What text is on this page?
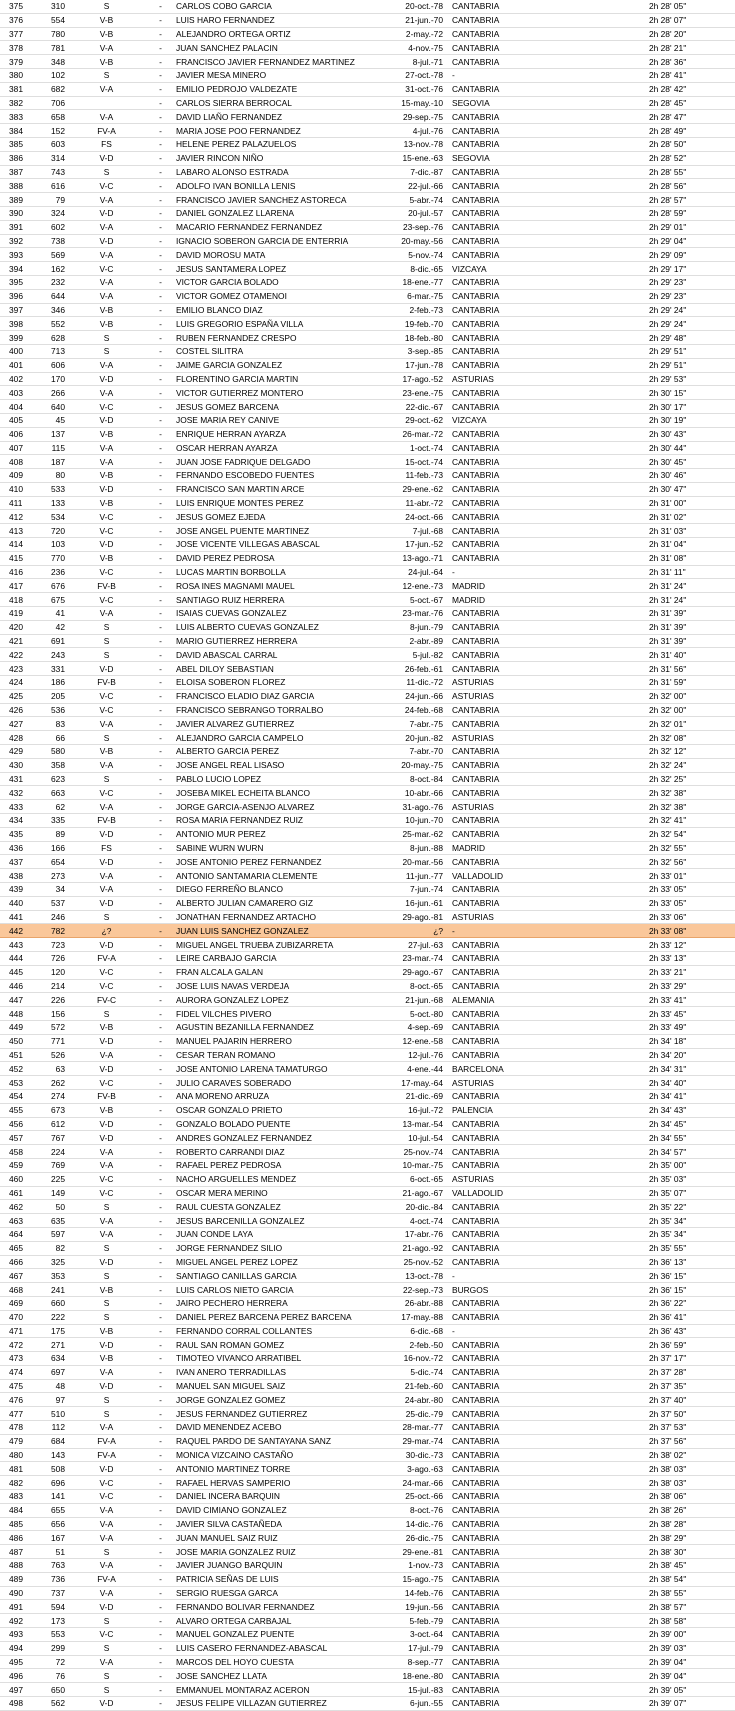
375	310	S	-	CARLOS COBO GARCIA	20-oct.-78	CANTABRIA	2h 28' 05''
376	554	V-B	-	LUIS HARO FERNANDEZ	21-jun.-70	CANTABRIA	2h 28' 07''
377	780	V-B	-	ALEJANDRO ORTEGA ORTIZ	2-may.-72	CANTABRIA	2h 28' 20''
378	781	V-A	-	JUAN SANCHEZ PALACIN	4-nov.-75	CANTABRIA	2h 28' 21''
379	348	V-B	-	FRANCISCO JAVIER FERNANDEZ MARTINEZ	8-jul.-71	CANTABRIA	2h 28' 36''
380	102	S	-	JAVIER MESA MINERO	27-oct.-78	-	2h 28' 41''
381	682	V-A	-	EMILIO PEDROJO VALDEZATE	31-oct.-76	CANTABRIA	2h 28' 42''
382	706		-	CARLOS SIERRA BERROCAL	15-may.-10	SEGOVIA	2h 28' 45''
383	658	V-A	-	DAVID LIAÑO FERNANDEZ	29-sep.-75	CANTABRIA	2h 28' 47''
384	152	FV-A	-	MARIA JOSE POO FERNANDEZ	4-jul.-76	CANTABRIA	2h 28' 49''
385	603	FS	-	HELENE PEREZ PALAZUELOS	13-nov.-78	CANTABRIA	2h 28' 50''
386	314	V-D	-	JAVIER RINCON NIÑO	15-ene.-63	SEGOVIA	2h 28' 52''
387	743	S	-	LABARO ALONSO ESTRADA	7-dic.-87	CANTABRIA	2h 28' 55''
388	616	V-C	-	ADOLFO IVAN BONILLA LENIS	22-jul.-66	CANTABRIA	2h 28' 56''
389	79	V-A	-	FRANCISCO JAVIER SANCHEZ ASTORECA	5-abr.-74	CANTABRIA	2h 28' 57''
390	324	V-D	-	DANIEL GONZALEZ LLARENA	20-jul.-57	CANTABRIA	2h 28' 59''
391	602	V-A	-	MACARIO FERNANDEZ FERNANDEZ	23-sep.-76	CANTABRIA	2h 29' 01''
392	738	V-D	-	IGNACIO SOBERON GARCIA DE ENTERRIA	20-may.-56	CANTABRIA	2h 29' 04''
393	569	V-A	-	DAVID MOROSU MATA	5-nov.-74	CANTABRIA	2h 29' 09''
394	162	V-C	-	JESUS SANTAMERA LOPEZ	8-dic.-65	VIZCAYA	2h 29' 17''
395	232	V-A	-	VICTOR GARCIA BOLADO	18-ene.-77	CANTABRIA	2h 29' 23''
396	644	V-A	-	VICTOR GOMEZ OTAMENOI	6-mar.-75	CANTABRIA	2h 29' 23''
397	346	V-B	-	EMILIO BLANCO DIAZ	2-feb.-73	CANTABRIA	2h 29' 24''
398	552	V-B	-	LUIS GREGORIO ESPAÑA VILLA	19-feb.-70	CANTABRIA	2h 29' 24''
399	628	S	-	RUBEN FERNANDEZ CRESPO	18-feb.-80	CANTABRIA	2h 29' 48''
400	713	S	-	COSTEL SILITRA	3-sep.-85	CANTABRIA	2h 29' 51''
401	606	V-A	-	JAIME GARCIA GONZALEZ	17-jun.-78	CANTABRIA	2h 29' 51''
402	170	V-D	-	FLORENTINO GARCIA MARTIN	17-ago.-52	ASTURIAS	2h 29' 53''
403	266	V-A	-	VICTOR GUTIERREZ MONTERO	23-ene.-75	CANTABRIA	2h 30' 15''
404	640	V-C	-	JESUS GOMEZ BARCENA	22-dic.-67	CANTABRIA	2h 30' 17''
405	45	V-D	-	JOSE MARIA REY CANIVE	29-oct.-62	VIZCAYA	2h 30' 19''
406	137	V-B	-	ENRIQUE HERRAN AYARZA	26-mar.-72	CANTABRIA	2h 30' 43''
407	115	V-A	-	OSCAR HERRAN AYARZA	1-oct.-74	CANTABRIA	2h 30' 44''
408	187	V-A	-	JUAN JOSE FADRIQUE DELGADO	15-oct.-74	CANTABRIA	2h 30' 45''
409	80	V-B	-	FERNANDO ESCOBEDO FUENTES	11-feb.-73	CANTABRIA	2h 30' 46''
410	533	V-D	-	FRANCISCO SAN MARTIN ARCE	29-ene.-62	CANTABRIA	2h 30' 47''
411	133	V-B	-	LUIS ENRIQUE MONTES PEREZ	11-abr.-72	CANTABRIA	2h 31' 00''
412	534	V-C	-	JESUS GOMEZ EJEDA	24-oct.-66	CANTABRIA	2h 31' 02''
413	720	V-C	-	JOSE ANGEL PUENTE MARTINEZ	7-jul.-68	CANTABRIA	2h 31' 03''
414	103	V-D	-	JOSE VICENTE VILLEGAS ABASCAL	17-jun.-52	CANTABRIA	2h 31' 04''
415	770	V-B	-	DAVID PEREZ PEDROSA	13-ago.-71	CANTABRIA	2h 31' 08''
416	236	V-C	-	LUCAS MARTIN BORBOLLA	24-jul.-64	-	2h 31' 11''
417	676	FV-B	-	ROSA INES MAGNAMI MAUEL	12-ene.-73	MADRID	2h 31' 24''
418	675	V-C	-	SANTIAGO RUIZ HERRERA	5-oct.-67	MADRID	2h 31' 24''
419	41	V-A	-	ISAIAS CUEVAS GONZALEZ	23-mar.-76	CANTABRIA	2h 31' 39''
420	42	S	-	LUIS ALBERTO CUEVAS GONZALEZ	8-jun.-79	CANTABRIA	2h 31' 39''
421	691	S	-	MARIO GUTIERREZ HERRERA	2-abr.-89	CANTABRIA	2h 31' 39''
422	243	S	-	DAVID ABASCAL CARRAL	5-jul.-82	CANTABRIA	2h 31' 40''
423	331	V-D	-	ABEL DILOY SEBASTIAN	26-feb.-61	CANTABRIA	2h 31' 56''
424	186	FV-B	-	ELOISA SOBERON FLOREZ	11-dic.-72	ASTURIAS	2h 31' 59''
425	205	V-C	-	FRANCISCO ELADIO DIAZ GARCIA	24-jun.-66	ASTURIAS	2h 32' 00''
426	536	V-C	-	FRANCISCO SEBRANGO TORRALBO	24-feb.-68	CANTABRIA	2h 32' 00''
427	83	V-A	-	JAVIER ALVAREZ GUTIERREZ	7-abr.-75	CANTABRIA	2h 32' 01''
428	66	S	-	ALEJANDRO GARCIA CAMPELO	20-jun.-82	ASTURIAS	2h 32' 08''
429	580	V-B	-	ALBERTO GARCIA PEREZ	7-abr.-70	CANTABRIA	2h 32' 12''
430	358	V-A	-	JOSE ANGEL REAL LISASO	20-may.-75	CANTABRIA	2h 32' 24''
431	623	S	-	PABLO LUCIO LOPEZ	8-oct.-84	CANTABRIA	2h 32' 25''
432	663	V-C	-	JOSEBA MIKEL ECHEITA BLANCO	10-abr.-66	CANTABRIA	2h 32' 38''
433	62	V-A	-	JORGE GARCIA-ASENJO ALVAREZ	31-ago.-76	ASTURIAS	2h 32' 38''
434	335	FV-B	-	ROSA MARIA FERNANDEZ RUIZ	10-jun.-70	CANTABRIA	2h 32' 41''
435	89	V-D	-	ANTONIO MUR PEREZ	25-mar.-62	CANTABRIA	2h 32' 54''
436	166	FS	-	SABINE WURN WURN	8-jun.-88	MADRID	2h 32' 55''
437	654	V-D	-	JOSE ANTONIO PEREZ FERNANDEZ	20-mar.-56	CANTABRIA	2h 32' 56''
438	273	V-A	-	ANTONIO SANTAMARIA CLEMENTE	11-jun.-77	VALLADOLID	2h 33' 01''
439	34	V-A	-	DIEGO FERREÑO BLANCO	7-jun.-74	CANTABRIA	2h 33' 05''
440	537	V-D	-	ALBERTO JULIAN CAMARERO GIZ	16-jun.-61	CANTABRIA	2h 33' 05''
441	246	S	-	JONATHAN FERNANDEZ ARTACHO	29-ago.-81	ASTURIAS	2h 33' 06''
442	782	¿?	-	JUAN LUIS SANCHEZ GONZALEZ	¿?	-	2h 33' 08''
443	723	V-D	-	MIGUEL ANGEL TRUEBA ZUBIZARRETA	27-jul.-63	CANTABRIA	2h 33' 12''
444	726	FV-A	-	LEIRE CARBAJO GARCIA	23-mar.-74	CANTABRIA	2h 33' 13''
445	120	V-C	-	FRAN ALCALA GALAN	29-ago.-67	CANTABRIA	2h 33' 21''
446	214	V-C	-	JOSE LUIS NAVAS VERDEJA	8-oct.-65	CANTABRIA	2h 33' 29''
447	226	FV-C	-	AURORA GONZALEZ LOPEZ	21-jun.-68	ALEMANIA	2h 33' 41''
448	156	S	-	FIDEL VILCHES PIVERO	5-oct.-80	CANTABRIA	2h 33' 45''
449	572	V-B	-	AGUSTIN BEZANILLA FERNANDEZ	4-sep.-69	CANTABRIA	2h 33' 49''
450	771	V-D	-	MANUEL PAJARIN HERRERO	12-ene.-58	CANTABRIA	2h 34' 18''
451	526	V-A	-	CESAR TERAN ROMANO	12-jul.-76	CANTABRIA	2h 34' 20''
452	63	V-D	-	JOSE ANTONIO LARENA TAMATURGO	4-ene.-44	BARCELONA	2h 34' 31''
453	262	V-C	-	JULIO CARAVES SOBERADO	17-may.-64	ASTURIAS	2h 34' 40''
454	274	FV-B	-	ANA MORENO ARRUZA	21-dic.-69	CANTABRIA	2h 34' 41''
455	673	V-B	-	OSCAR GONZALO PRIETO	16-jul.-72	PALENCIA	2h 34' 43''
456	612	V-D	-	GONZALO BOLADO PUENTE	13-mar.-54	CANTABRIA	2h 34' 45''
457	767	V-D	-	ANDRES GONZALEZ FERNANDEZ	10-jul.-54	CANTABRIA	2h 34' 55''
458	224	V-A	-	ROBERTO CARRANDI DIAZ	25-nov.-74	CANTABRIA	2h 34' 57''
459	769	V-A	-	RAFAEL PEREZ PEDROSA	10-mar.-75	CANTABRIA	2h 35' 00''
460	225	V-C	-	NACHO ARGUELLES MENDEZ	6-oct.-65	ASTURIAS	2h 35' 03''
461	149	V-C	-	OSCAR MERA MERINO	21-ago.-67	VALLADOLID	2h 35' 07''
462	50	S	-	RAUL CUESTA GONZALEZ	20-dic.-84	CANTABRIA	2h 35' 22''
463	635	V-A	-	JESUS BARCENILLA GONZALEZ	4-oct.-74	CANTABRIA	2h 35' 34''
464	597	V-A	-	JUAN CONDE LAYA	17-abr.-76	CANTABRIA	2h 35' 34''
465	82	S	-	JORGE FERNANDEZ SILIO	21-ago.-92	CANTABRIA	2h 35' 55''
466	325	V-D	-	MIGUEL ANGEL PEREZ LOPEZ	25-nov.-52	CANTABRIA	2h 36' 13''
467	353	S	-	SANTIAGO CANILLAS GARCIA	13-oct.-78	-	2h 36' 15''
468	241	V-B	-	LUIS CARLOS NIETO GARCIA	22-sep.-73	BURGOS	2h 36' 15''
469	660	S	-	JAIRO PECHERO HERRERA	26-abr.-88	CANTABRIA	2h 36' 22''
470	222	S	-	DANIEL PEREZ BARCENA PEREZ BARCENA	17-may.-88	CANTABRIA	2h 36' 41''
471	175	V-B	-	FERNANDO CORRAL COLLANTES	6-dic.-68	-	2h 36' 43''
472	271	V-D	-	RAUL SAN ROMAN GOMEZ	2-feb.-50	CANTABRIA	2h 36' 59''
473	634	V-B	-	TIMOTEO VIVANCO ARRATIBEL	16-nov.-72	CANTABRIA	2h 37' 17''
474	697	V-A	-	IVAN ANERO TERRADILLAS	5-dic.-74	CANTABRIA	2h 37' 28''
475	48	V-D	-	MANUEL SAN MIGUEL SAIZ	21-feb.-60	CANTABRIA	2h 37' 35''
476	97	S	-	JORGE GONZALEZ GOMEZ	24-abr.-80	CANTABRIA	2h 37' 40''
477	510	S	-	JESUS FERNANDEZ GUTIERREZ	25-dic.-79	CANTABRIA	2h 37' 50''
478	112	V-A	-	DAVID MENENDEZ ACEBO	28-mar.-77	CANTABRIA	2h 37' 53''
479	684	FV-A	-	RAQUEL PARDO DE SANTAYANA SANZ	29-mar.-74	CANTABRIA	2h 37' 56''
480	143	FV-A	-	MONICA VIZCAINO CASTAÑO	30-dic.-73	CANTABRIA	2h 38' 02''
481	508	V-D	-	ANTONIO MARTINEZ TORRE	3-ago.-63	CANTABRIA	2h 38' 03''
482	696	V-C	-	RAFAEL HERVAS SAMPERIO	24-mar.-66	CANTABRIA	2h 38' 03''
483	141	V-C	-	DANIEL INCERA BARQUIN	25-oct.-66	CANTABRIA	2h 38' 06''
484	655	V-A	-	DAVID CIMIANO GONZALEZ	8-oct.-76	CANTABRIA	2h 38' 26''
485	656	V-A	-	JAVIER SILVA CASTAÑEDA	14-dic.-76	CANTABRIA	2h 38' 28''
486	167	V-A	-	JUAN MANUEL SAIZ RUIZ	26-dic.-75	CANTABRIA	2h 38' 29''
487	51	S	-	JOSE MARIA GONZALEZ RUIZ	29-ene.-81	CANTABRIA	2h 38' 30''
488	763	V-A	-	JAVIER JUANGO BARQUIN	1-nov.-73	CANTABRIA	2h 38' 45''
489	736	FV-A	-	PATRICIA SEÑAS DE LUIS	15-ago.-75	CANTABRIA	2h 38' 54''
490	737	V-A	-	SERGIO RUESGA GARCA	14-feb.-76	CANTABRIA	2h 38' 55''
491	594	V-D	-	FERNANDO BOLIVAR FERNANDEZ	19-jun.-56	CANTABRIA	2h 38' 57''
492	173	S	-	ALVARO ORTEGA CARBAJAL	5-feb.-79	CANTABRIA	2h 38' 58''
493	553	V-C	-	MANUEL GONZALEZ PUENTE	3-oct.-64	CANTABRIA	2h 39' 00''
494	299	S	-	LUIS CASERO FERNANDEZ-ABASCAL	17-jul.-79	CANTABRIA	2h 39' 03''
495	72	V-A	-	MARCOS DEL HOYO CUESTA	8-sep.-77	CANTABRIA	2h 39' 04''
496	76	S	-	JOSE SANCHEZ LLATA	18-ene.-80	CANTABRIA	2h 39' 04''
497	650	S	-	EMMANUEL MONTARAZ ACERON	15-jul.-83	CANTABRIA	2h 39' 05''
498	562	V-D	-	JESUS FELIPE VILLAZAN GUTIERREZ	6-jun.-55	CANTABRIA	2h 39' 07''
